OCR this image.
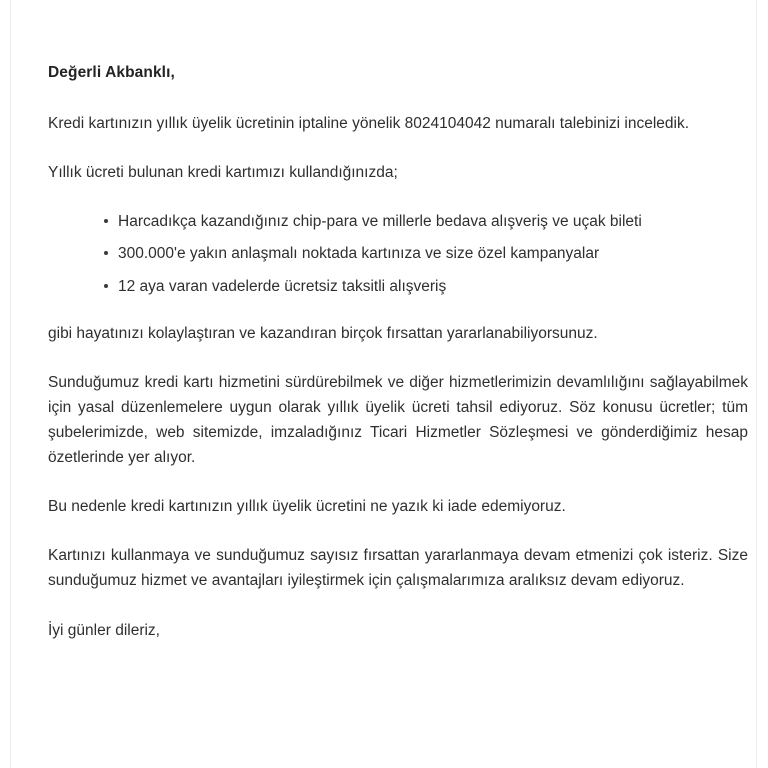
Değerli Akbanklı,

Kredi kartınızın yıllık üyelik ücretinin iptaline yönelik 8024104042 numaralı talebinizi inceledik.

Yıllık ücreti bulunan kredi kartımızı kullandığınızda;

Harcadıkça kazandığınız chip-para ve millerle bedava alışveriş ve uçak bileti
300.000'e yakın anlaşmalı noktada kartınıza ve size özel kampanyalar
12 aya varan vadelerde ücretsiz taksitli alışveriş

gibi hayatınızı kolaylaştıran ve kazandıran birçok fırsattan yararlanabiliyorsunuz.

Sunduğumuz kredi kartı hizmetini sürdürebilmek ve diğer hizmetlerimizin devamlılığını sağlayabilmek için yasal düzenlemelere uygun olarak yıllık üyelik ücreti tahsil ediyoruz. Söz konusu ücretler; tüm şubelerimizde, web sitemizde, imzaladığınız Ticari Hizmetler Sözleşmesi ve gönderdiğimiz hesap özetlerinde yer alıyor.

Bu nedenle kredi kartınızın yıllık üyelik ücretini ne yazık ki iade edemiyoruz.

Kartınızı kullanmaya ve sunduğumuz sayısız fırsattan yararlanmaya devam etmenizi çok isteriz. Size sunduğumuz hizmet ve avantajları iyileştirmek için çalışmalarımıza aralıksız devam ediyoruz.

İyi günler dileriz,
